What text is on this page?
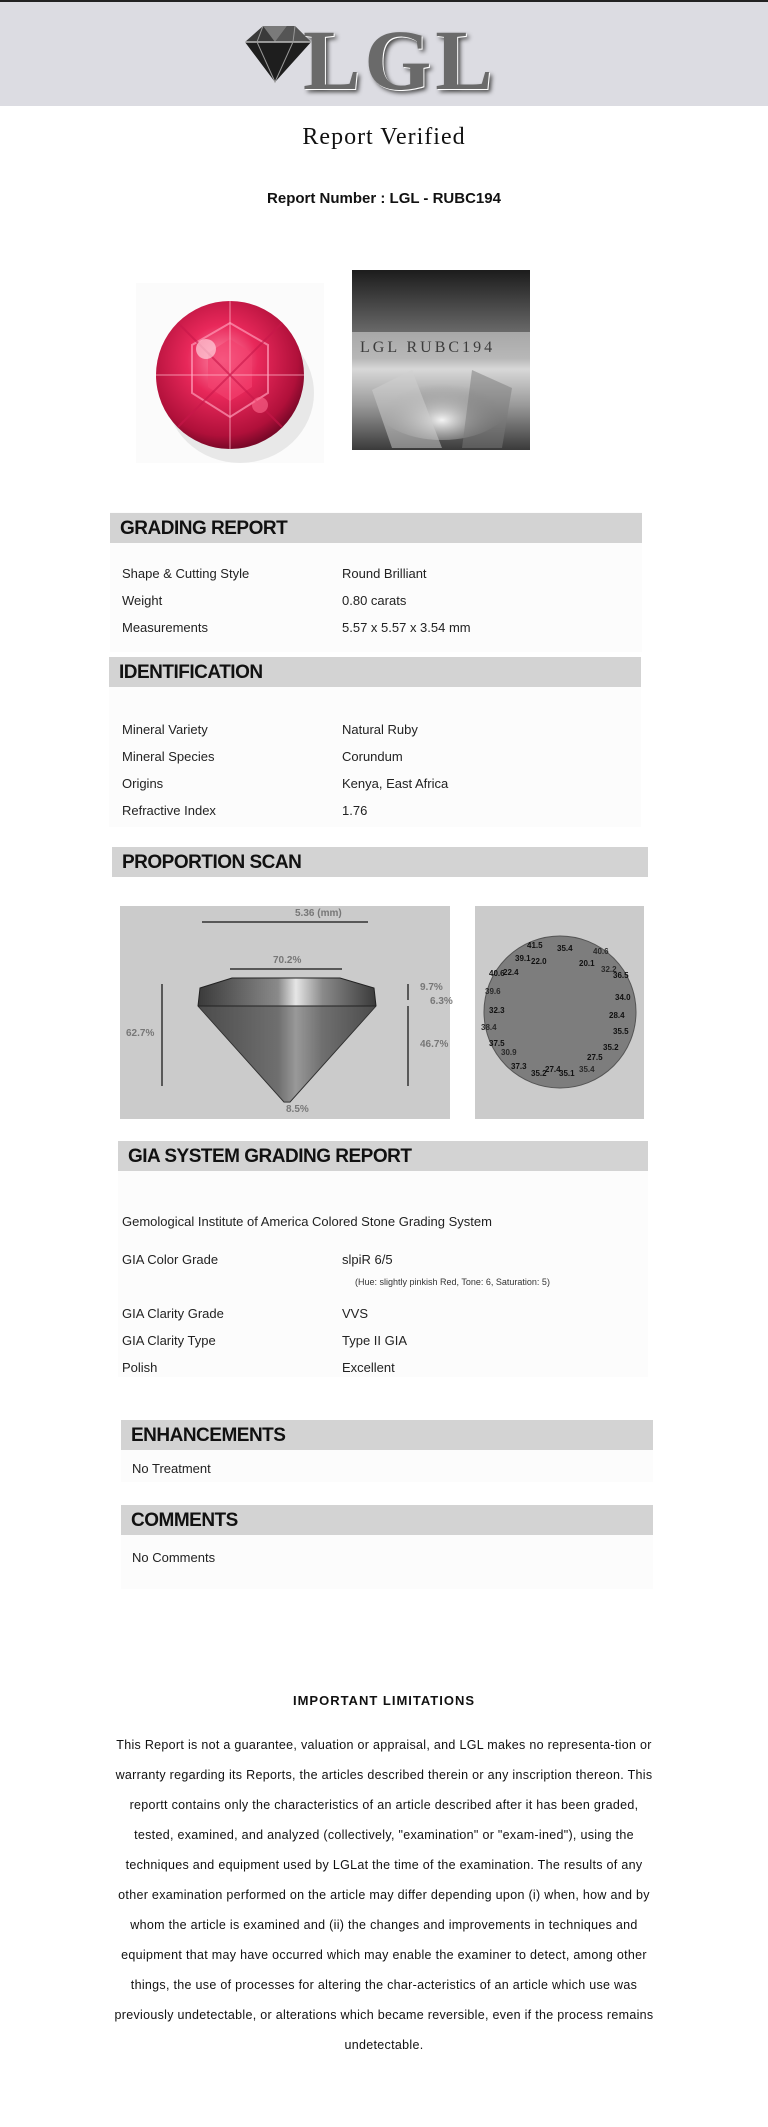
LGL
Report Verified
Report Number : LGL - RUBC194
LGL RUBC194
GRADING REPORT
Shape & Cutting Style	Round Brilliant
Weight	0.80 carats
Measurements	5.57 x 5.57 x 3.54 mm
IDENTIFICATION
Mineral Variety	Natural Ruby
Mineral Species	Corundum
Origins	Kenya, East Africa
Refractive Index	1.76
PROPORTION SCAN
5.36 (mm)
70.2%
62.7%
9.7%
6.3%
46.7%
8.5%
41.5 35.4	40.6
39.1 22.0	20.1
32.2
40.6
22.4	36.5
39.6
34.0
32.3
28.4
38.4	35.5
37.5	35.2
30.9
27.5
37.3 27.4 35.4
35.2 35.1
GIA SYSTEM GRADING REPORT
Gemological Institute of America Colored Stone Grading System
GIA Color Grade	slpiR 6/5
(Hue: slightly pinkish Red, Tone: 6, Saturation: 5)
GIA Clarity Grade	VVS
GIA Clarity Type	Type II GIA
Polish	Excellent
ENHANCEMENTS
No Treatment
COMMENTS
No Comments
IMPORTANT LIMITATIONS
This Report is not a guarantee, valuation or appraisal, and LGL makes no representa-tion or warranty regarding its Reports, the articles described therein or any inscription thereon. This reportt contains only the characteristics of an article described after it has been graded, tested, examined, and analyzed (collectively, "examination" or "exam-ined"), using the techniques and equipment used by LGLat the time of the examination. The results of any other examination performed on the article may differ depending upon (i) when, how and by whom the article is examined and (ii) the changes and improvements in techniques and equipment that may have occurred which may enable the examiner to detect, among other things, the use of processes for altering the char-acteristics of an article which use was previously undetectable, or alterations which became reversible, even if the process remains undetectable.
